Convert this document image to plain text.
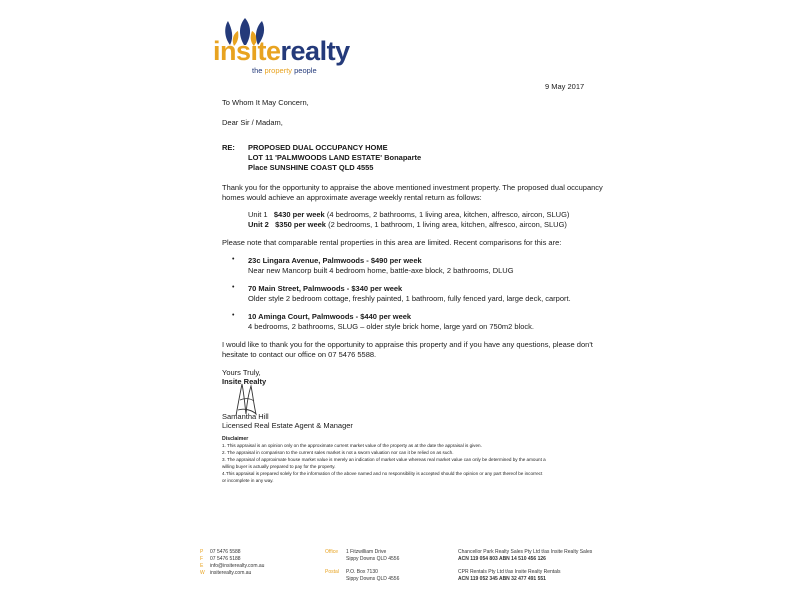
insiterealty
the property people
9 May 2017
To Whom It May Concern,
Dear Sir / Madam,
RE: PROPOSED DUAL OCCUPANCY HOME
LOT 11 'PALMWOODS LAND ESTATE' Bonaparte
Place SUNSHINE COAST QLD 4555
Thank you for the opportunity to appraise the above mentioned investment property. The proposed dual occupancy
homes would achieve an approximate average weekly rental return as follows:
Unit 1 $430 per week (4 bedrooms, 2 bathrooms, 1 living area, kitchen, alfresco, aircon, SLUG)
Unit 2 $350 per week (2 bedrooms, 1 bathroom, 1 living area, kitchen, alfresco, aircon, SLUG)
Please note that comparable rental properties in this area are limited. Recent comparisons for this are:
• 23c Lingara Avenue, Palmwoods - $490 per week
Near new Mancorp built 4 bedroom home, battle-axe block, 2 bathrooms, DLUG
• 70 Main Street, Palmwoods - $340 per week
Older style 2 bedroom cottage, freshly painted, 1 bathroom, fully fenced yard, large deck, carport.
• 10 Aminga Court, Palmwoods - $440 per week
4 bedrooms, 2 bathrooms, SLUG – older style brick home, large yard on 750m2 block.
I would like to thank you for the opportunity to appraise this property and if you have any questions, please don't
hesitate to contact our office on 07 5476 5588.
Yours Truly,
Insite Realty
Samantha Hill
Licensed Real Estate Agent & Manager
Disclaimer
1. This appraisal is an opinion only on the approximate current market value of the property as at the date the appraisal is given.
2. The appraisal in comparison to the current sales market is not a sworn valuation nor can it be relied on as such.
3. The appraisal of approximate house market value is merely an indication of market value whereas real market value can only be determined by the amount a
willing buyer is actually prepared to pay for the property.
4.This appraisal is prepared solely for the information of the above named and no responsibility is accepted should the opinion or any part thereof be incorrect
or incomplete in any way.
P 07 5476 5588
F 07 5476 5188
E info@insiterealty.com.au
W insiterealty.com.au
Office 1 Fitzwilliam Drive
Sippy Downs QLD 4556
Postal P.O. Box 7130
Sippy Downs QLD 4556
Chancellor Park Realty Sales Pty Ltd t/as Insite Realty Sales
ACN 119 054 803 ABN 14 510 456 126
CPR Rentals Pty Ltd t/as Insite Realty Rentals
ACN 119 052 345 ABN 32 477 491 551
